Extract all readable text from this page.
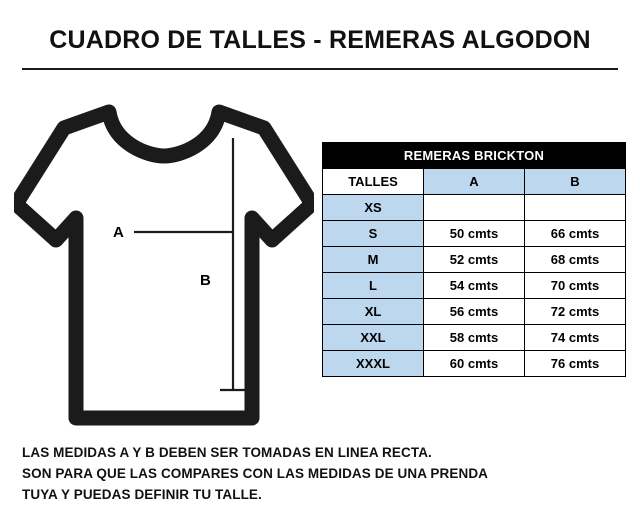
CUADRO DE TALLES - REMERAS ALGODON
A
B
REMERAS BRICKTON		
TALLES	A	B
XS		
S	50 cmts	66 cmts
M	52 cmts	68 cmts
L	54 cmts	70 cmts
XL	56 cmts	72 cmts
XXL	58 cmts	74 cmts
XXXL	60 cmts	76 cmts
LAS MEDIDAS A Y B DEBEN SER TOMADAS EN LINEA RECTA.
SON PARA QUE LAS COMPARES CON LAS MEDIDAS DE UNA PRENDA
TUYA Y PUEDAS DEFINIR TU TALLE.
